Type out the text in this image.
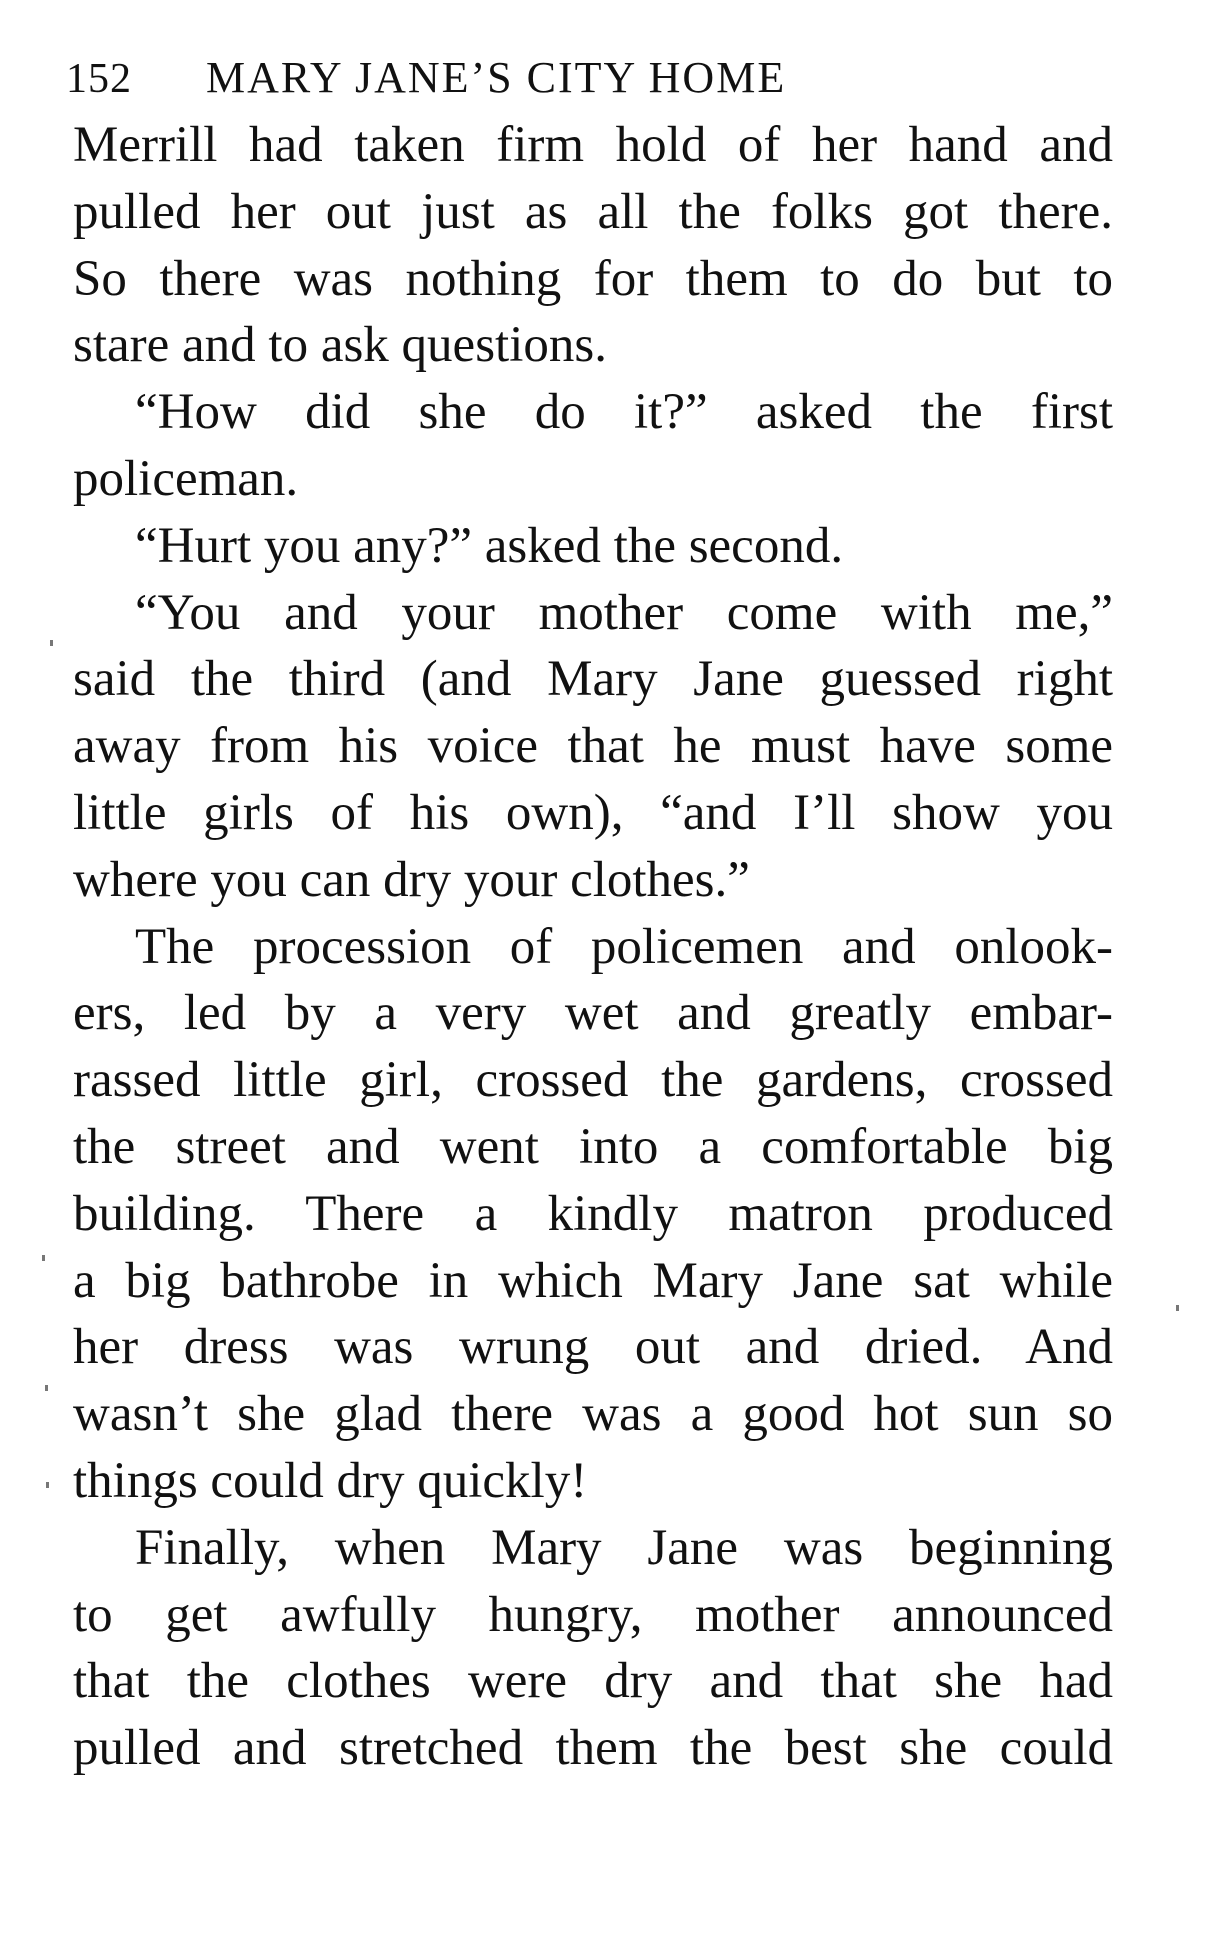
152 MARY JANE’S CITY HOME
Merrill had taken firm hold of her hand and
pulled her out just as all the folks got there.
So there was nothing for them to do but to
stare and to ask questions.
“How did she do it?” asked the first
policeman.
“Hurt you any?” asked the second.
“You and your mother come with me,”
said the third (and Mary Jane guessed right
away from his voice that he must have some
little girls of his own), “and I’ll show you
where you can dry your clothes.”
The procession of policemen and onlook-
ers, led by a very wet and greatly embar-
rassed little girl, crossed the gardens, crossed
the street and went into a comfortable big
building. There a kindly matron produced
a big bathrobe in which Mary Jane sat while
her dress was wrung out and dried. And
wasn’t she glad there was a good hot sun so
things could dry quickly!
Finally, when Mary Jane was beginning
to get awfully hungry, mother announced
that the clothes were dry and that she had
pulled and stretched them the best she could
